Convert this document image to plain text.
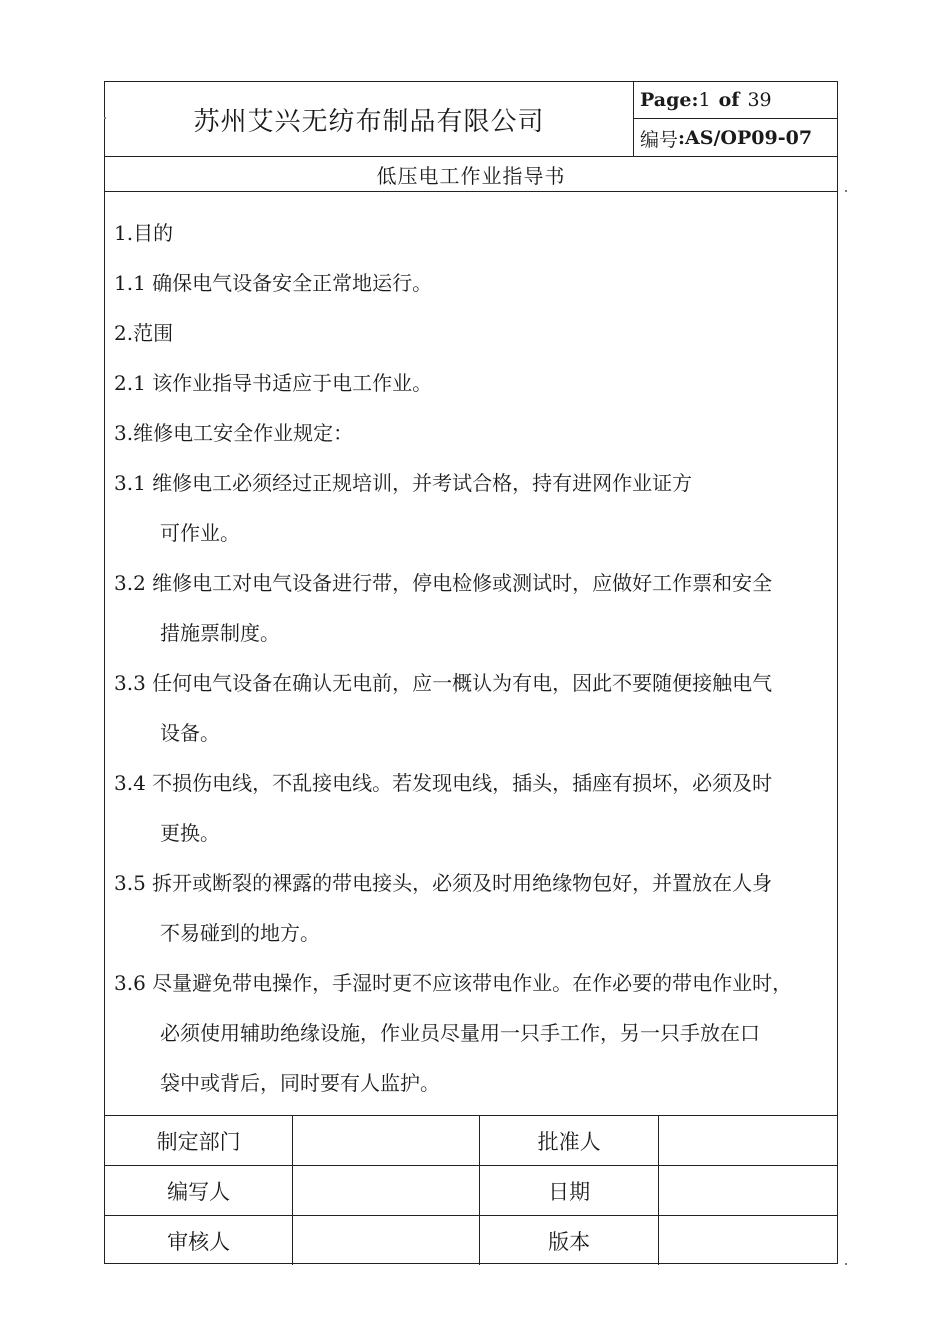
苏州艾兴无纺布制品有限公司
Page: 1 of 39
编号 :AS/OP09-07
低压电工作业指导书
1.目的
1.1 确保电气设备安全正常地运行。
2.范围
2.1 该作业指导书适应于电工作业。
3.维修电工安全作业规定：
3.1 维修电工必须经过正规培训，并考试合格，持有进网作业证方
可作业。
3.2 维修电工对电气设备进行带，停电检修或测试时，应做好工作票和安全
措施票制度。
3.3 任何电气设备在确认无电前，应一概认为有电，因此不要随便接触电气
设备。
3.4 不损伤电线，不乱接电线。若发现电线，插头，插座有损坏，必须及时
更换。
3.5 拆开或断裂的裸露的带电接头，必须及时用绝缘物包好，并置放在人身
不易碰到的地方。
3.6 尽量避免带电操作，手湿时更不应该带电作业。在作必要的带电作业时，
必须使用辅助绝缘设施，作业员尽量用一只手工作，另一只手放在口
袋中或背后，同时要有人监护。
制定部门		批准人	
编写人		日期	
审核人		版本	
